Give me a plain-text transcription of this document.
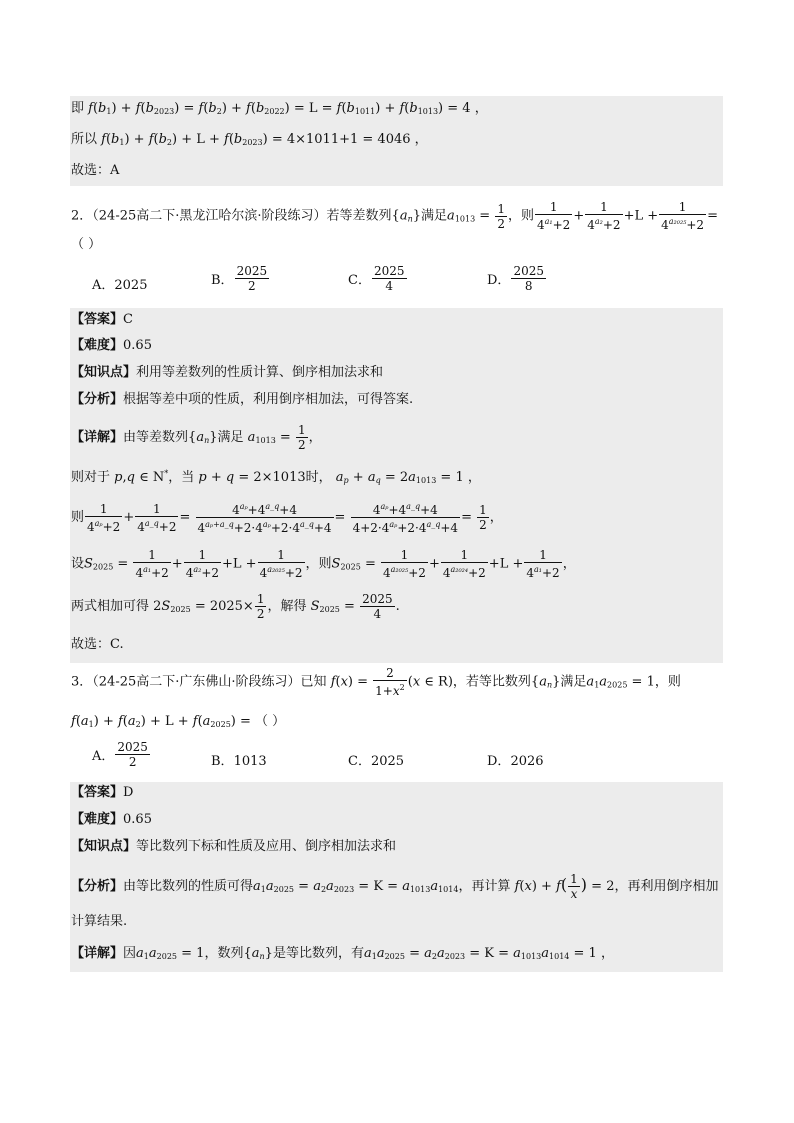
即 $f(b_1) + f(b_{2023}) = f(b_2) + f(b_{2022}) = L = f(b_{1011}) + f(b_{1013}) = 4$ ，
所以 $f(b_1) + f(b_2) + L + f(b_{2023}) = 4\times 1011+1 = 4046$ ，
故选：A
2．（24-25高二下·黑龙江哈尔滨·阶段练习）若等差数列$\{a_n\}$满足$a_{1013} = \frac{1}{2}$ ，则 $\frac{1}{4^{a_1}+2} + \frac{1}{4^{a_2}+2} +L + \frac{1}{4^{a_{2025}}+2}$ =
（ ）
A．2025	B． $\frac{2025}{2}$	C． $\frac{2025}{4}$	D． $\frac{2025}{8}$
【答案】C
【难度】0.65
【知识点】利用等差数列的性质计算、倒序相加法求和
【分析】根据等差中项的性质，利用倒序相加法，可得答案.
【详解】由等差数列$\{a_n\}$满足 $a_{1013} = \frac{1}{2}$ ，
则对于 p,q ∈ N*，当 p + q = 2×1013时， $a_p + a_q = 2a_{1013} = 1$ ，
则 $\frac{1}{4^{a_p}+2} + \frac{1}{4^{a\_q}+2} = \frac{4^{a_p}+4^{a\_q}+4}{4^{a_p+a\_q}+2\cdot 4^{a_p}+2\cdot 4^{a\_q}+4} = \frac{4^{a_p}+4^{a\_q}+4}{4+2\cdot 4^{a_p}+2\cdot 4^{a\_q}+4} = \frac{1}{2}$ ，
设$S_{2025} = \frac{1}{4^{a_1}+2} + \frac{1}{4^{a_2}+2} +L + \frac{1}{4^{a_{2025}}+2}$ ，则$S_{2025} = \frac{1}{4^{a_{2025}}+2} + \frac{1}{4^{a_{2024}}+2} +L + \frac{1}{4^{a_1}+2}$ ，
两式相加可得 $2S_{2025} = 2025\times \frac{1}{2}$ ，解得 $S_{2025} = \frac{2025}{4}$ .
故选：C.
3．（24-25高二下·广东佛山·阶段练习）已知 $f(x) = \frac{2}{1+x^2} (x$ ∈ R)，若等比数列$\{a_n\}$满足$a_1a_{2025} = 1$，则
$f(a_1) + f(a_2) + L + f(a_{2025})$ = （ ）
A． $\frac{2025}{2}$	B．1013	C．2025	D．2026
【答案】D
【难度】0.65
【知识点】等比数列下标和性质及应用、倒序相加法求和
【分析】由等比数列的性质可得$a_1a_{2025} = a_2a_{2023} = K = a_{1013}a_{1014}$，再计算 $f(x) + f( \frac{1}{x}$ ) = 2，再利用倒序相加
计算结果.
【详解】因$a_1a_{2025} = 1$，数列$\{a_n\}$是等比数列，有$a_1a_{2025} = a_2a_{2023} = K = a_{1013}a_{1014} = 1$ ，
